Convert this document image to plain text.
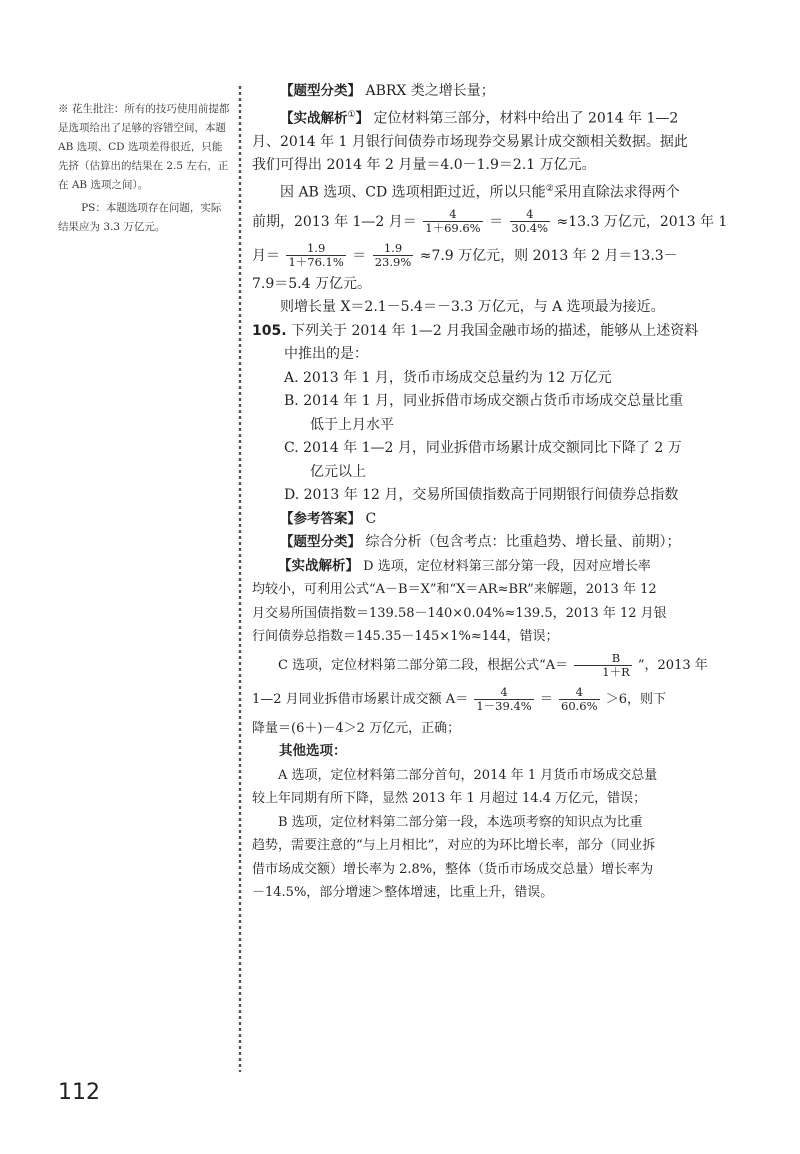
※ 花生批注：所有的技巧使用前提都是选项给出了足够的容错空间，本题 AB 选项、CD 选项差得很近，只能先挤（估算出的结果在 2.5 左右，正在 AB 选项之间）。

PS：本题选项存在问题，实际结果应为 3.3 万亿元。

【题型分类】 ABRX 类之增长量；

【实战解析①】 定位材料第三部分，材料中给出了 2014 年 1—2

月、2014 年 1 月银行间债券市场现券交易累计成交额相关数据。据此

我们可得出 2014 年 2 月量＝4.0－1.9＝2.1 万亿元。

因 AB 选项、CD 选项相距过近，所以只能②采用直除法求得两个

前期，2013 年 1—2 月＝ $\frac{4}{1+69.6\%} = \frac{4}{30.4\%} \approx 13.3$ 万亿元，2013 年 1

月＝ $\frac{1.9}{1+76.1\%} = \frac{1.9}{23.9\%} \approx 7.9$ 万亿元，则 2013 年 2 月＝13.3－

7.9＝5.4 万亿元。

则增长量 X＝2.1－5.4＝－3.3 万亿元，与 A 选项最为接近。

105. 下列关于 2014 年 1—2 月我国金融市场的描述，能够从上述资料

中推出的是：

A. 2013 年 1 月，货币市场成交总量约为 12 万亿元

B. 2014 年 1 月，同业拆借市场成交额占货币市场成交总量比重

低于上月水平

C. 2014 年 1—2 月，同业拆借市场累计成交额同比下降了 2 万

亿元以上

D. 2013 年 12 月，交易所国债指数高于同期银行间债券总指数

【参考答案】 C

【题型分类】 综合分析（包含考点：比重趋势、增长量、前期）；

【实战解析】 D 选项，定位材料第三部分第一段，因对应增长率

均较小，可利用公式“A－B＝X”和“X＝AR≈BR”来解题，2013 年 12

月交易所国债指数＝139.58－140×0.04%≈139.5，2013 年 12 月银

行间债券总指数＝145.35－145×1%≈144，错误；

C 选项，定位材料第二部分第二段，根据公式“$A= \frac{B}{1+R}$ ”，2013 年

1—2 月同业拆借市场累计成交额 $A= \frac{4}{1-39.4\%} = \frac{4}{60.6\%} >6$，则下

降量＝(6＋)－4＞2 万亿元，正确；

其他选项：

A 选项，定位材料第二部分首句，2014 年 1 月货币市场成交总量

较上年同期有所下降，显然 2013 年 1 月超过 14.4 万亿元，错误；

B 选项，定位材料第二部分第一段，本选项考察的知识点为比重

趋势，需要注意的“与上月相比”，对应的为环比增长率，部分（同业拆

借市场成交额）增长率为 2.8%，整体（货币市场成交总量）增长率为

－14.5%，部分增速＞整体增速，比重上升，错误。

112
